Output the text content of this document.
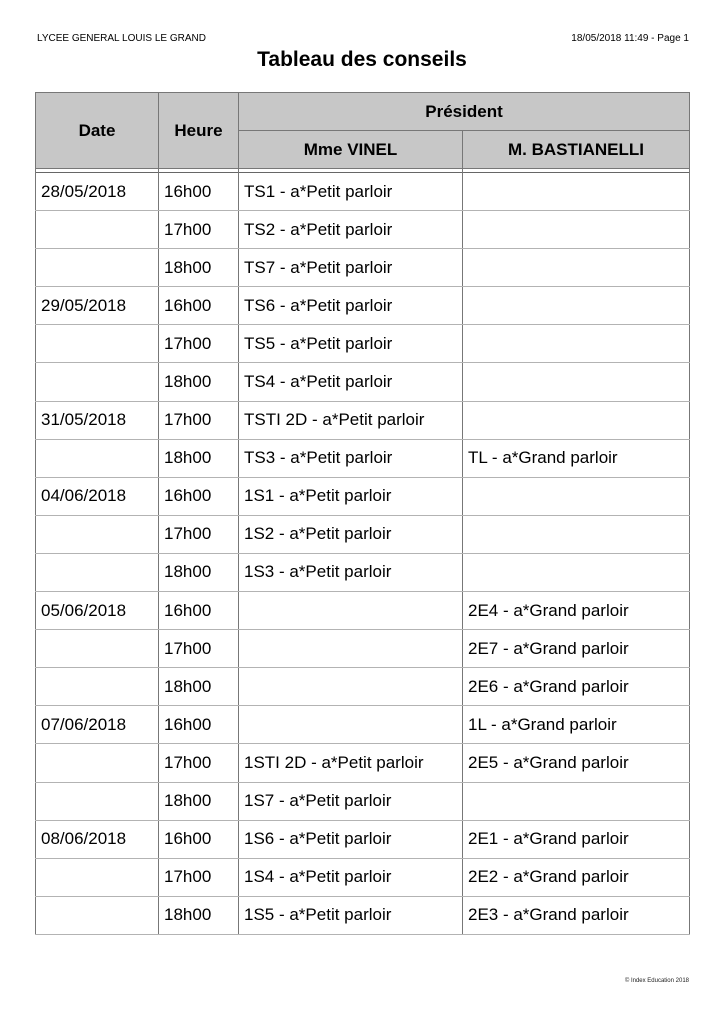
LYCEE GENERAL LOUIS LE GRAND	18/05/2018 11:49 - Page 1
Tableau des conseils
Date	Heure	Président	
		Mme VINEL	M. BASTIANELLI

28/05/2018	16h00	TS1 - a*Petit parloir	
	17h00	TS2 - a*Petit parloir	
	18h00	TS7 - a*Petit parloir	
29/05/2018	16h00	TS6 - a*Petit parloir	
	17h00	TS5 - a*Petit parloir	
	18h00	TS4 - a*Petit parloir	
31/05/2018	17h00	TSTI 2D - a*Petit parloir	
	18h00	TS3 - a*Petit parloir	TL - a*Grand parloir
04/06/2018	16h00	1S1 - a*Petit parloir	
	17h00	1S2 - a*Petit parloir	
	18h00	1S3 - a*Petit parloir	
05/06/2018	16h00		2E4 - a*Grand parloir
	17h00		2E7 - a*Grand parloir
	18h00		2E6 - a*Grand parloir
07/06/2018	16h00		1L - a*Grand parloir
	17h00	1STI 2D - a*Petit parloir	2E5 - a*Grand parloir
	18h00	1S7 - a*Petit parloir	
08/06/2018	16h00	1S6 - a*Petit parloir	2E1 - a*Grand parloir
	17h00	1S4 - a*Petit parloir	2E2 - a*Grand parloir
	18h00	1S5 - a*Petit parloir	2E3 - a*Grand parloir
© Index Education 2018
